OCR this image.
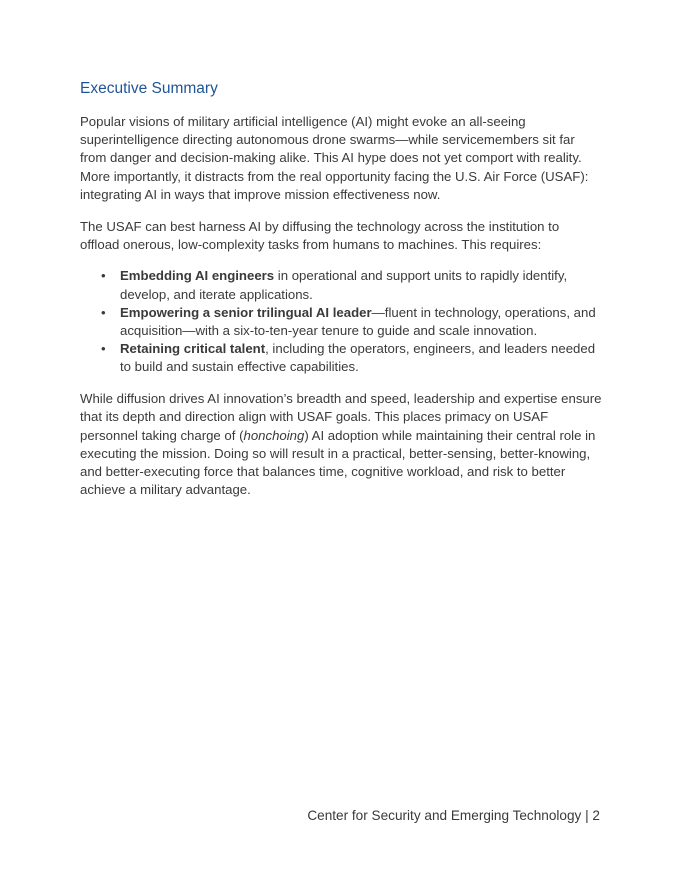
Executive Summary

Popular visions of military artificial intelligence (AI) might evoke an all-seeing superintelligence directing autonomous drone swarms—while servicemembers sit far from danger and decision-making alike. This AI hype does not yet comport with reality. More importantly, it distracts from the real opportunity facing the U.S. Air Force (USAF): integrating AI in ways that improve mission effectiveness now.

The USAF can best harness AI by diffusing the technology across the institution to offload onerous, low-complexity tasks from humans to machines. This requires:

• Embedding AI engineers in operational and support units to rapidly identify, develop, and iterate applications.
• Empowering a senior trilingual AI leader—fluent in technology, operations, and acquisition—with a six-to-ten-year tenure to guide and scale innovation.
• Retaining critical talent, including the operators, engineers, and leaders needed to build and sustain effective capabilities.

While diffusion drives AI innovation’s breadth and speed, leadership and expertise ensure that its depth and direction align with USAF goals. This places primacy on USAF personnel taking charge of (honchoing) AI adoption while maintaining their central role in executing the mission. Doing so will result in a practical, better-sensing, better-knowing, and better-executing force that balances time, cognitive workload, and risk to better achieve a military advantage.

Center for Security and Emerging Technology | 2
